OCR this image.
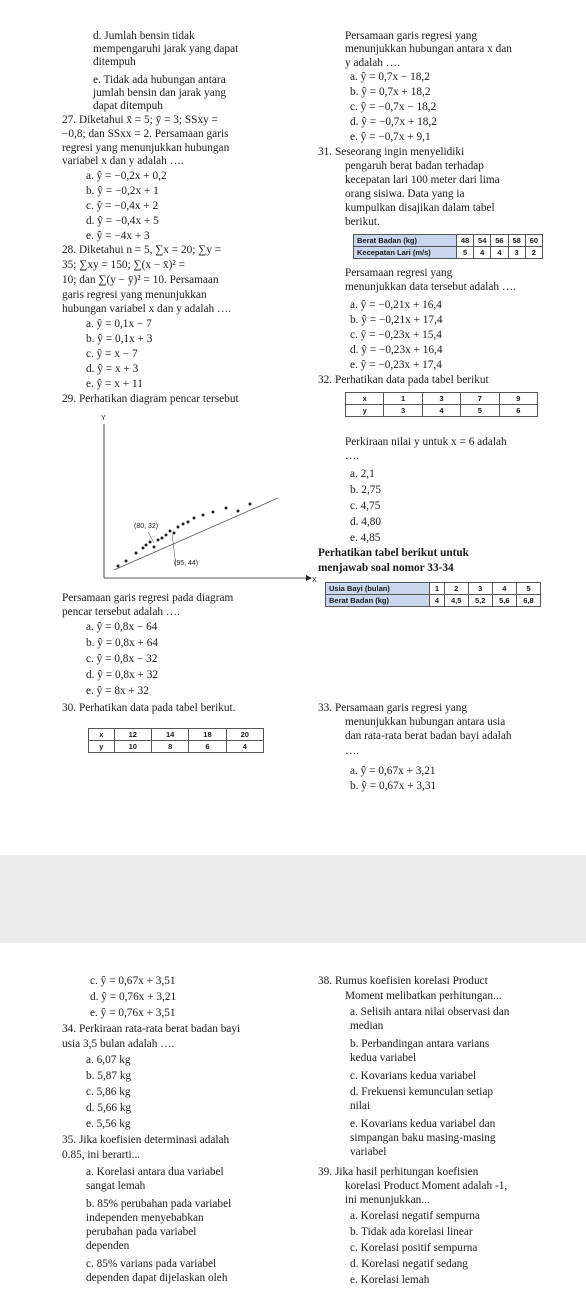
d. Jumlah bensin tidak
mempengaruhi jarak yang dapat
ditempuh
e. Tidak ada hubungan antara
jumlah bensin dan jarak yang
dapat ditempuh
27. Diketahui x̄ = 5; ȳ = 3; SSxy =
−0,8; dan SSxx = 2. Persamaan garis
regresi yang menunjukkan hubungan
variabel x dan y adalah ….
a. ŷ = −0,2x + 0,2
b. ŷ = −0,2x + 1
c. ŷ = −0,4x + 2
d. ŷ = −0,4x + 5
e. ŷ = −4x + 3
28. Diketahui n = 5, ∑x = 20; ∑y =
35; ∑xy = 150; ∑(x − x̄)² =
10; dan ∑(y − ȳ)² = 10. Persamaan
garis regresi yang menunjukkan
hubungan variabel x dan y adalah ….
a. ŷ = 0,1x − 7
b. ŷ = 0,1x + 3
c. ŷ = x − 7
d. ŷ = x + 3
e. ŷ = x + 11
29. Perhatikan diagram pencar tersebut
Y
X
(80, 32)
(95, 44)
Persamaan garis regresi pada diagram
pencar tersebut adalah ….
a. ŷ = 0,8x − 64
b. ŷ = 0,8x + 64
c. ŷ = 0,8x − 32
d. ŷ = 0,8x + 32
e. ŷ = 8x + 32
30. Perhatikan data pada tabel berikut.
x	12	14	18	20
y	10	8	6	4
Persamaan garis regresi yang
menunjukkan hubungan antara x dan
y adalah ….
a. ŷ = 0,7x − 18,2
b. ŷ = 0,7x + 18,2
c. ŷ = −0,7x − 18,2
d. ŷ = −0,7x + 18,2
e. ŷ = −0,7x + 9,1
31. Seseorang ingin menyelidiki
pengaruh berat badan terhadap
kecepatan lari 100 meter dari lima
orang sisiwa. Data yang ia
kumpulkan disajikan dalam tabel
berikut.
Berat Badan (kg)	48	54	56	58	60
Kecepatan Lari (m/s)	5	4	4	3	2
Persamaan regresi yang
menunjukkan data tersebut adalah ….
a. ŷ = −0,21x + 16,4
b. ŷ = −0,21x + 17,4
c. ŷ = −0,23x + 15,4
d. ŷ = −0,23x + 16,4
e. ŷ = −0,23x + 17,4
32. Perhatikan data pada tabel berikut
x	1	3	7	9
y	3	4	5	6
Perkiraan nilai y untuk x = 6 adalah
….
a. 2,1
b. 2,75
c. 4,75
d. 4,80
e. 4,85
Perhatikan tabel berikut untuk
menjawab soal nomor 33-34
Usia Bayi (bulan)	1	2	3	4	5
Berat Badan (kg)	4	4,5	5,2	5,6	6,8
33. Persamaan garis regresi yang
menunjukkan hubungan antara usia
dan rata-rata berat badan bayi adalah
….
a. ŷ = 0,67x + 3,21
b. ŷ = 0,67x + 3,31
c. ŷ = 0,67x + 3,51
d. ŷ = 0,76x + 3,21
e. ŷ = 0,76x + 3,51
34. Perkiraan rata-rata berat badan bayi
usia 3,5 bulan adalah ….
a. 6,07 kg
b. 5,87 kg
c. 5,86 kg
d. 5,66 kg
e. 5,56 kg
35. Jika koefisien determinasi adalah
0.85, ini berarti...
a. Korelasi antara dua variabel
sangat lemah
b. 85% perubahan pada variabel
independen menyebabkan
perubahan pada variabel
dependen
c. 85% varians pada variabel
dependen dapat dijelaskan oleh
38. Rumus koefisien korelasi Product
Moment melibatkan perhitungan...
a. Selisih antara nilai observasi dan
median
b. Perbandingan antara varians
kedua variabel
c. Kovarians kedua variabel
d. Frekuensi kemunculan setiap
nilai
e. Kovarians kedua variabel dan
simpangan baku masing-masing
variabel
39. Jika hasil perhitungan koefisien
korelasi Product Moment adalah -1,
ini menunjukkan...
a. Korelasi negatif sempurna
b. Tidak ada korelasi linear
c. Korelasi positif sempurna
d. Korelasi negatif sedang
e. Korelasi lemah
